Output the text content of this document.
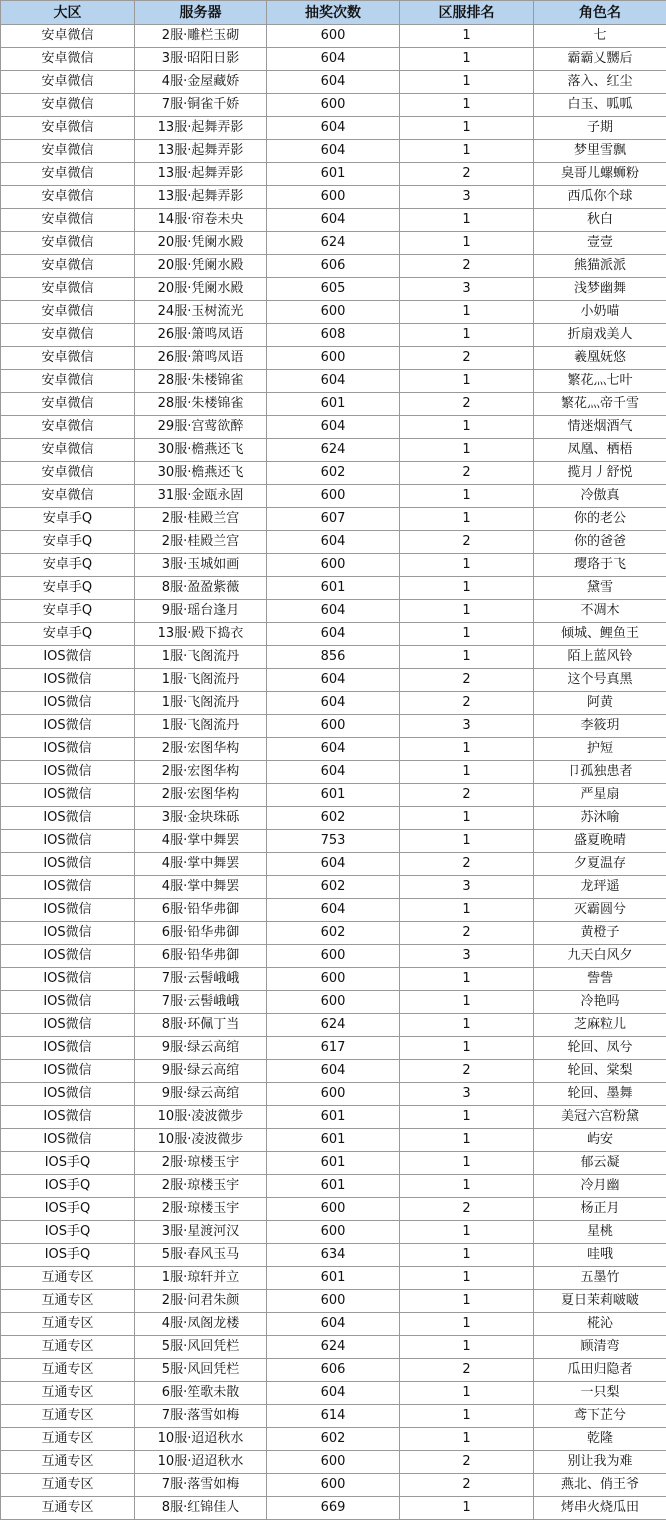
大区	服务器	抽奖次数	区服排名	角色名
安卓微信	2服·雕栏玉砌	600	1	七
安卓微信	3服·昭阳日影	604	1	霸霸乂嬲后
安卓微信	4服·金屋藏娇	604	1	落入、红尘
安卓微信	7服·铜雀千娇	600	1	白玉、呱呱
安卓微信	13服·起舞弄影	604	1	子期
安卓微信	13服·起舞弄影	604	1	梦里雪飘
安卓微信	13服·起舞弄影	601	2	臭哥儿螺蛳粉
安卓微信	13服·起舞弄影	600	3	西瓜你个球
安卓微信	14服·帘卷未央	604	1	秋白
安卓微信	20服·凭阑水殿	624	1	壹壹
安卓微信	20服·凭阑水殿	606	2	熊猫派派
安卓微信	20服·凭阑水殿	605	3	浅梦幽舞
安卓微信	24服·玉树流光	600	1	小奶喵
安卓微信	26服·箫鸣凤语	608	1	折扇戏美人
安卓微信	26服·箫鸣凤语	600	2	羲凰妩悠
安卓微信	28服·朱楼锦雀	604	1	繁花灬七叶
安卓微信	28服·朱楼锦雀	601	2	繁花灬帝千雪
安卓微信	29服·宫莺欲醉	604	1	情迷烟酒气
安卓微信	30服·檐燕还飞	624	1	凤凰、栖梧
安卓微信	30服·檐燕还飞	602	2	揽月丿舒悦
安卓微信	31服·金瓯永固	600	1	冷傲真
安卓手Q	2服·桂殿兰宫	607	1	你的老公
安卓手Q	2服·桂殿兰宫	604	2	你的爸爸
安卓手Q	3服·玉城如画	600	1	璎珞于飞
安卓手Q	8服·盈盈紫薇	601	1	黛雪
安卓手Q	9服·瑶台逢月	604	1	不凋木
安卓手Q	13服·殿下捣衣	604	1	倾城、鲤鱼王
IOS微信	1服·飞阁流丹	856	1	陌上蓝风铃
IOS微信	1服·飞阁流丹	604	2	这个号真黑
IOS微信	1服·飞阁流丹	604	2	阿黄
IOS微信	1服·飞阁流丹	600	3	李筱玥
IOS微信	2服·宏图华构	604	1	护短
IOS微信	2服·宏图华构	604	1	卩孤独患者
IOS微信	2服·宏图华构	601	2	严星扇
IOS微信	3服·金块珠砾	602	1	苏沐喻
IOS微信	4服·掌中舞罢	753	1	盛夏晚晴
IOS微信	4服·掌中舞罢	604	2	夕夏温存
IOS微信	4服·掌中舞罢	602	3	龙玶遥
IOS微信	6服·铅华弗御	604	1	灭霸圆兮
IOS微信	6服·铅华弗御	602	2	黄橙子
IOS微信	6服·铅华弗御	600	3	九天白风夕
IOS微信	7服·云髻峨峨	600	1	訾訾
IOS微信	7服·云髻峨峨	600	1	冷艳吗
IOS微信	8服·环佩丁当	624	1	芝麻粒儿
IOS微信	9服·绿云高绾	617	1	轮回、凤兮
IOS微信	9服·绿云高绾	604	2	轮回、棠梨
IOS微信	9服·绿云高绾	600	3	轮回、墨舞
IOS微信	10服·凌波微步	601	1	美冠六宫粉黛
IOS微信	10服·凌波微步	601	1	屿安
IOS手Q	2服·琼楼玉宇	601	1	郁云凝
IOS手Q	2服·琼楼玉宇	601	1	冷月幽
IOS手Q	2服·琼楼玉宇	600	2	杨正月
IOS手Q	3服·星渡河汉	600	1	星桃
IOS手Q	5服·春风玉马	634	1	哇哦
互通专区	1服·琼轩并立	601	1	五墨竹
互通专区	2服·问君朱颜	600	1	夏日茉莉啵啵
互通专区	4服·凤阁龙楼	604	1	椛沁
互通专区	5服·风回凭栏	624	1	顾清弯
互通专区	5服·风回凭栏	606	2	瓜田归隐者
互通专区	6服·笙歌未散	604	1	一只梨
互通专区	7服·落雪如梅	614	1	鸢下芷兮
互通专区	10服·迢迢秋水	602	1	乾隆
互通专区	10服·迢迢秋水	600	2	别让我为难
互通专区	7服·落雪如梅	600	2	燕北、俏王爷
互通专区	8服·红锦佳人	669	1	烤串火烧瓜田
